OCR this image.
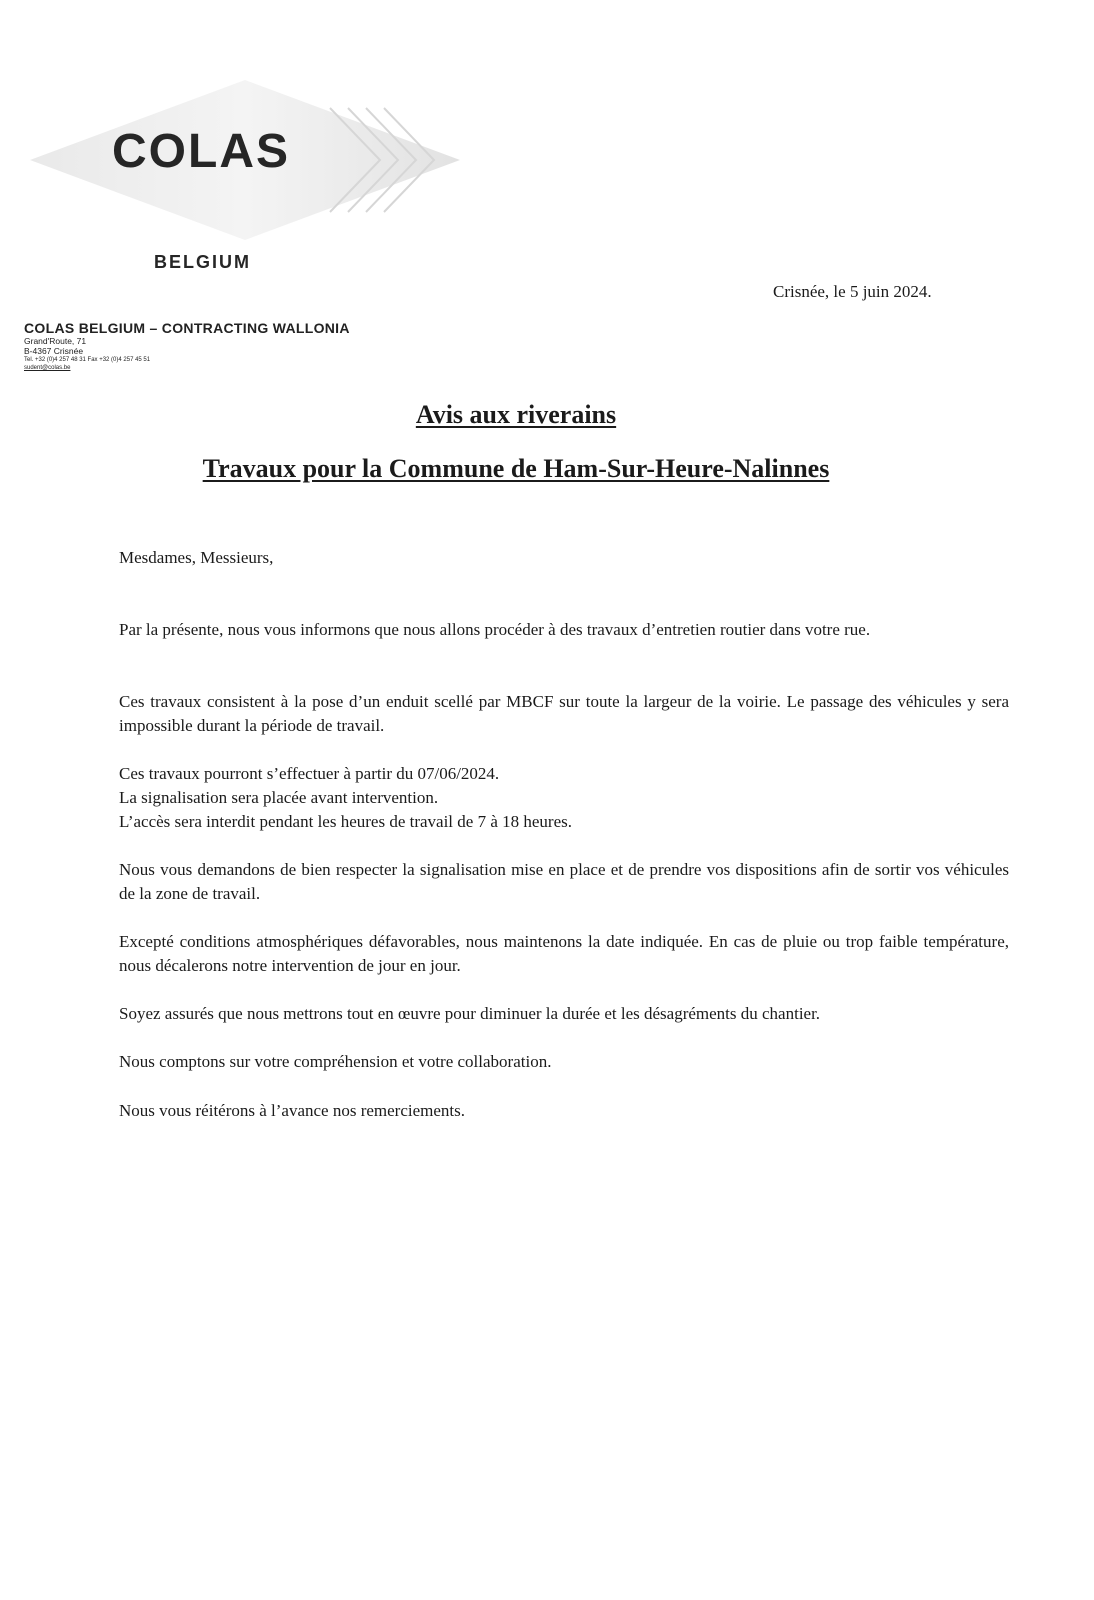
COLAS
BELGIUM
Crisnée, le 5 juin 2024.
COLAS BELGIUM – CONTRACTING WALLONIA
Grand'Route, 71
B-4367 Crisnée
Tel. +32 (0)4 257 48 31 Fax +32 (0)4 257 45 51
sudent@colas.be
Avis aux riverains
Travaux pour la Commune de Ham-Sur-Heure-Nalinnes
Mesdames, Messieurs,
Par la présente, nous vous informons que nous allons procéder à des travaux d’entretien routier dans votre rue.
Ces travaux consistent à la pose d’un enduit scellé par MBCF sur toute la largeur de la voirie. Le passage des véhicules y sera impossible durant la période de travail.
Ces travaux pourront s’effectuer à partir du 07/06/2024.
La signalisation sera placée avant intervention.
L’accès sera interdit pendant les heures de travail de 7 à 18 heures.
Nous vous demandons de bien respecter la signalisation mise en place et de prendre vos dispositions afin de sortir vos véhicules de la zone de travail.
Excepté conditions atmosphériques défavorables, nous maintenons la date indiquée. En cas de pluie ou trop faible température, nous décalerons notre intervention de jour en jour.
Soyez assurés que nous mettrons tout en œuvre pour diminuer la durée et les désagréments du chantier.
Nous comptons sur votre compréhension et votre collaboration.
Nous vous réitérons à l’avance nos remerciements.
